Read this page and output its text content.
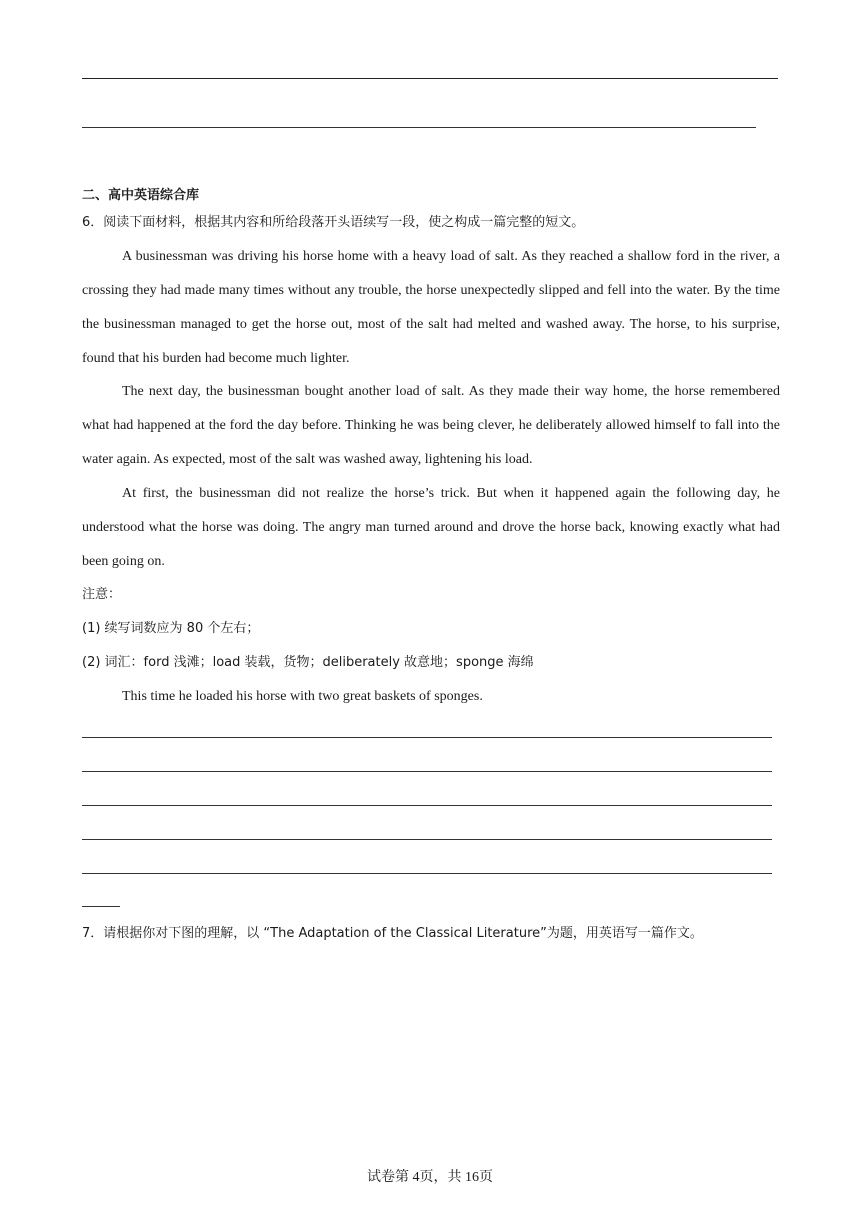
二、高中英语综合库
6．阅读下面材料，根据其内容和所给段落开头语续写一段，使之构成一篇完整的短文。
A businessman was driving his horse home with a heavy load of salt. As they reached a shallow ford in the river, a crossing they had made many times without any trouble, the horse unexpectedly slipped and fell into the water. By the time the businessman managed to get the horse out, most of the salt had melted and washed away. The horse, to his surprise, found that his burden had become much lighter.
The next day, the businessman bought another load of salt. As they made their way home, the horse remembered what had happened at the ford the day before. Thinking he was being clever, he deliberately allowed himself to fall into the water again. As expected, most of the salt was washed away, lightening his load.
At first, the businessman did not realize the horse’s trick. But when it happened again the following day, he understood what the horse was doing. The angry man turned around and drove the horse back, knowing exactly what had been going on.
注意：
(1) 续写词数应为 80 个左右；
(2) 词汇：ford 浅滩；load 装载，货物；deliberately 故意地；sponge 海绵
This time he loaded his horse with two great baskets of sponges.
7．请根据你对下图的理解，以 “The Adaptation of the Classical Literature”为题，用英语写一篇作文。
试卷第 4页，共 16页
